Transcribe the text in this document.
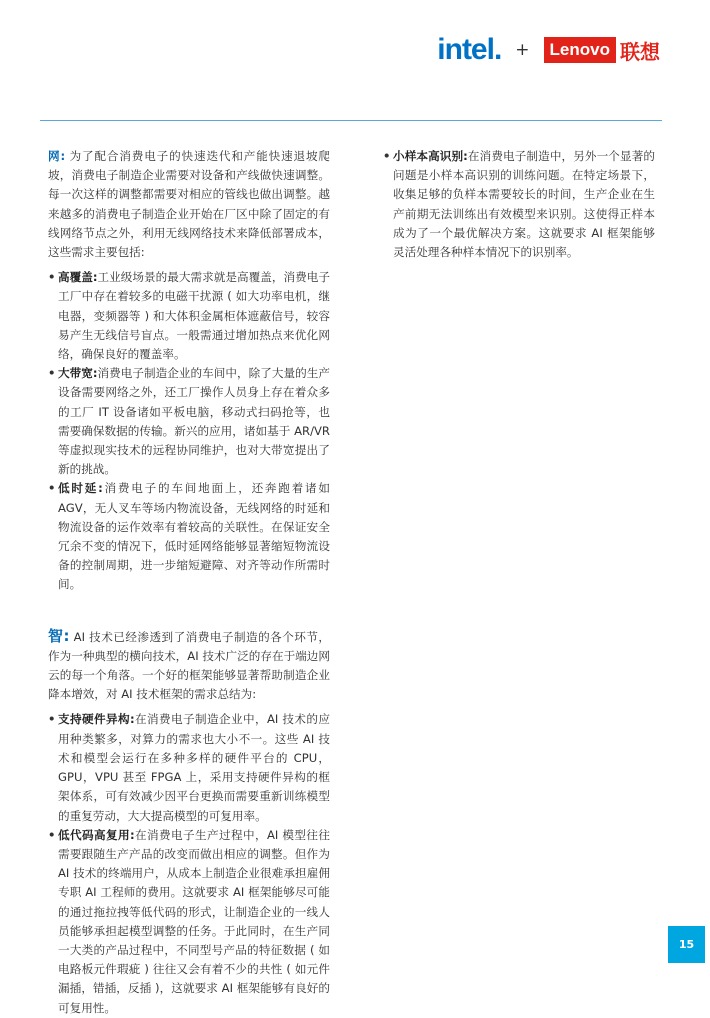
intel. +	Lenovo 联想

网: 为了配合消费电子的快速迭代和产能快速退坡爬坡，消费电子制造企业需要对设备和产线做快速调整。每一次这样的调整都需要对相应的管线也做出调整。越来越多的消费电子制造企业开始在厂区中除了固定的有线网络节点之外，利用无线网络技术来降低部署成本，这些需求主要包括:

• 高覆盖:工业级场景的最大需求就是高覆盖，消费电子工厂中存在着较多的电磁干扰源 ( 如大功率电机，继电器，变频器等 ) 和大体积金属柜体遮蔽信号，较容易产生无线信号盲点。一般需通过增加热点来优化网络，确保良好的覆盖率。

• 大带宽:消费电子制造企业的车间中，除了大量的生产设备需要网络之外，还工厂操作人员身上存在着众多的工厂 IT 设备诸如平板电脑，移动式扫码抢等，也需要确保数据的传输。新兴的应用，诸如基于 AR/VR 等虚拟现实技术的远程协同维护，也对大带宽提出了新的挑战。

• 低时延:消费电子的车间地面上，还奔跑着诸如 AGV，无人叉车等场内物流设备，无线网络的时延和物流设备的运作效率有着较高的关联性。在保证安全冗余不变的情况下，低时延网络能够显著缩短物流设备的控制周期，进一步缩短避障、对齐等动作所需时间。

智: AI 技术已经渗透到了消费电子制造的各个环节，作为一种典型的横向技术，AI 技术广泛的存在于端边网云的每一个角落。一个好的框架能够显著帮助制造企业降本增效，对 AI 技术框架的需求总结为:

• 支持硬件异构:在消费电子制造企业中，AI 技术的应用种类繁多，对算力的需求也大小不一。这些 AI 技术和模型会运行在多种多样的硬件平台的 CPU，GPU，VPU 甚至 FPGA 上，采用支持硬件异构的框架体系，可有效减少因平台更换而需要重新训练模型的重复劳动，大大提高模型的可复用率。

• 低代码高复用:在消费电子生产过程中，AI 模型往往需要跟随生产产品的改变而做出相应的调整。但作为 AI 技术的终端用户，从成本上制造企业很难承担雇佣专职 AI 工程师的费用。这就要求 AI 框架能够尽可能的通过拖拉拽等低代码的形式，让制造企业的一线人员能够承担起模型调整的任务。于此同时，在生产同一大类的产品过程中，不同型号产品的特征数据 ( 如电路板元件瑕疵 ) 往往又会有着不少的共性 ( 如元件漏插，错插，反插 )，这就要求 AI 框架能够有良好的可复用性。

• 小样本高识别:在消费电子制造中，另外一个显著的问题是小样本高识别的训练问题。在特定场景下，收集足够的负样本需要较长的时间，生产企业在生产前期无法训练出有效模型来识别。这使得正样本成为了一个最优解决方案。这就要求 AI 框架能够灵活处理各种样本情况下的识别率。

15
